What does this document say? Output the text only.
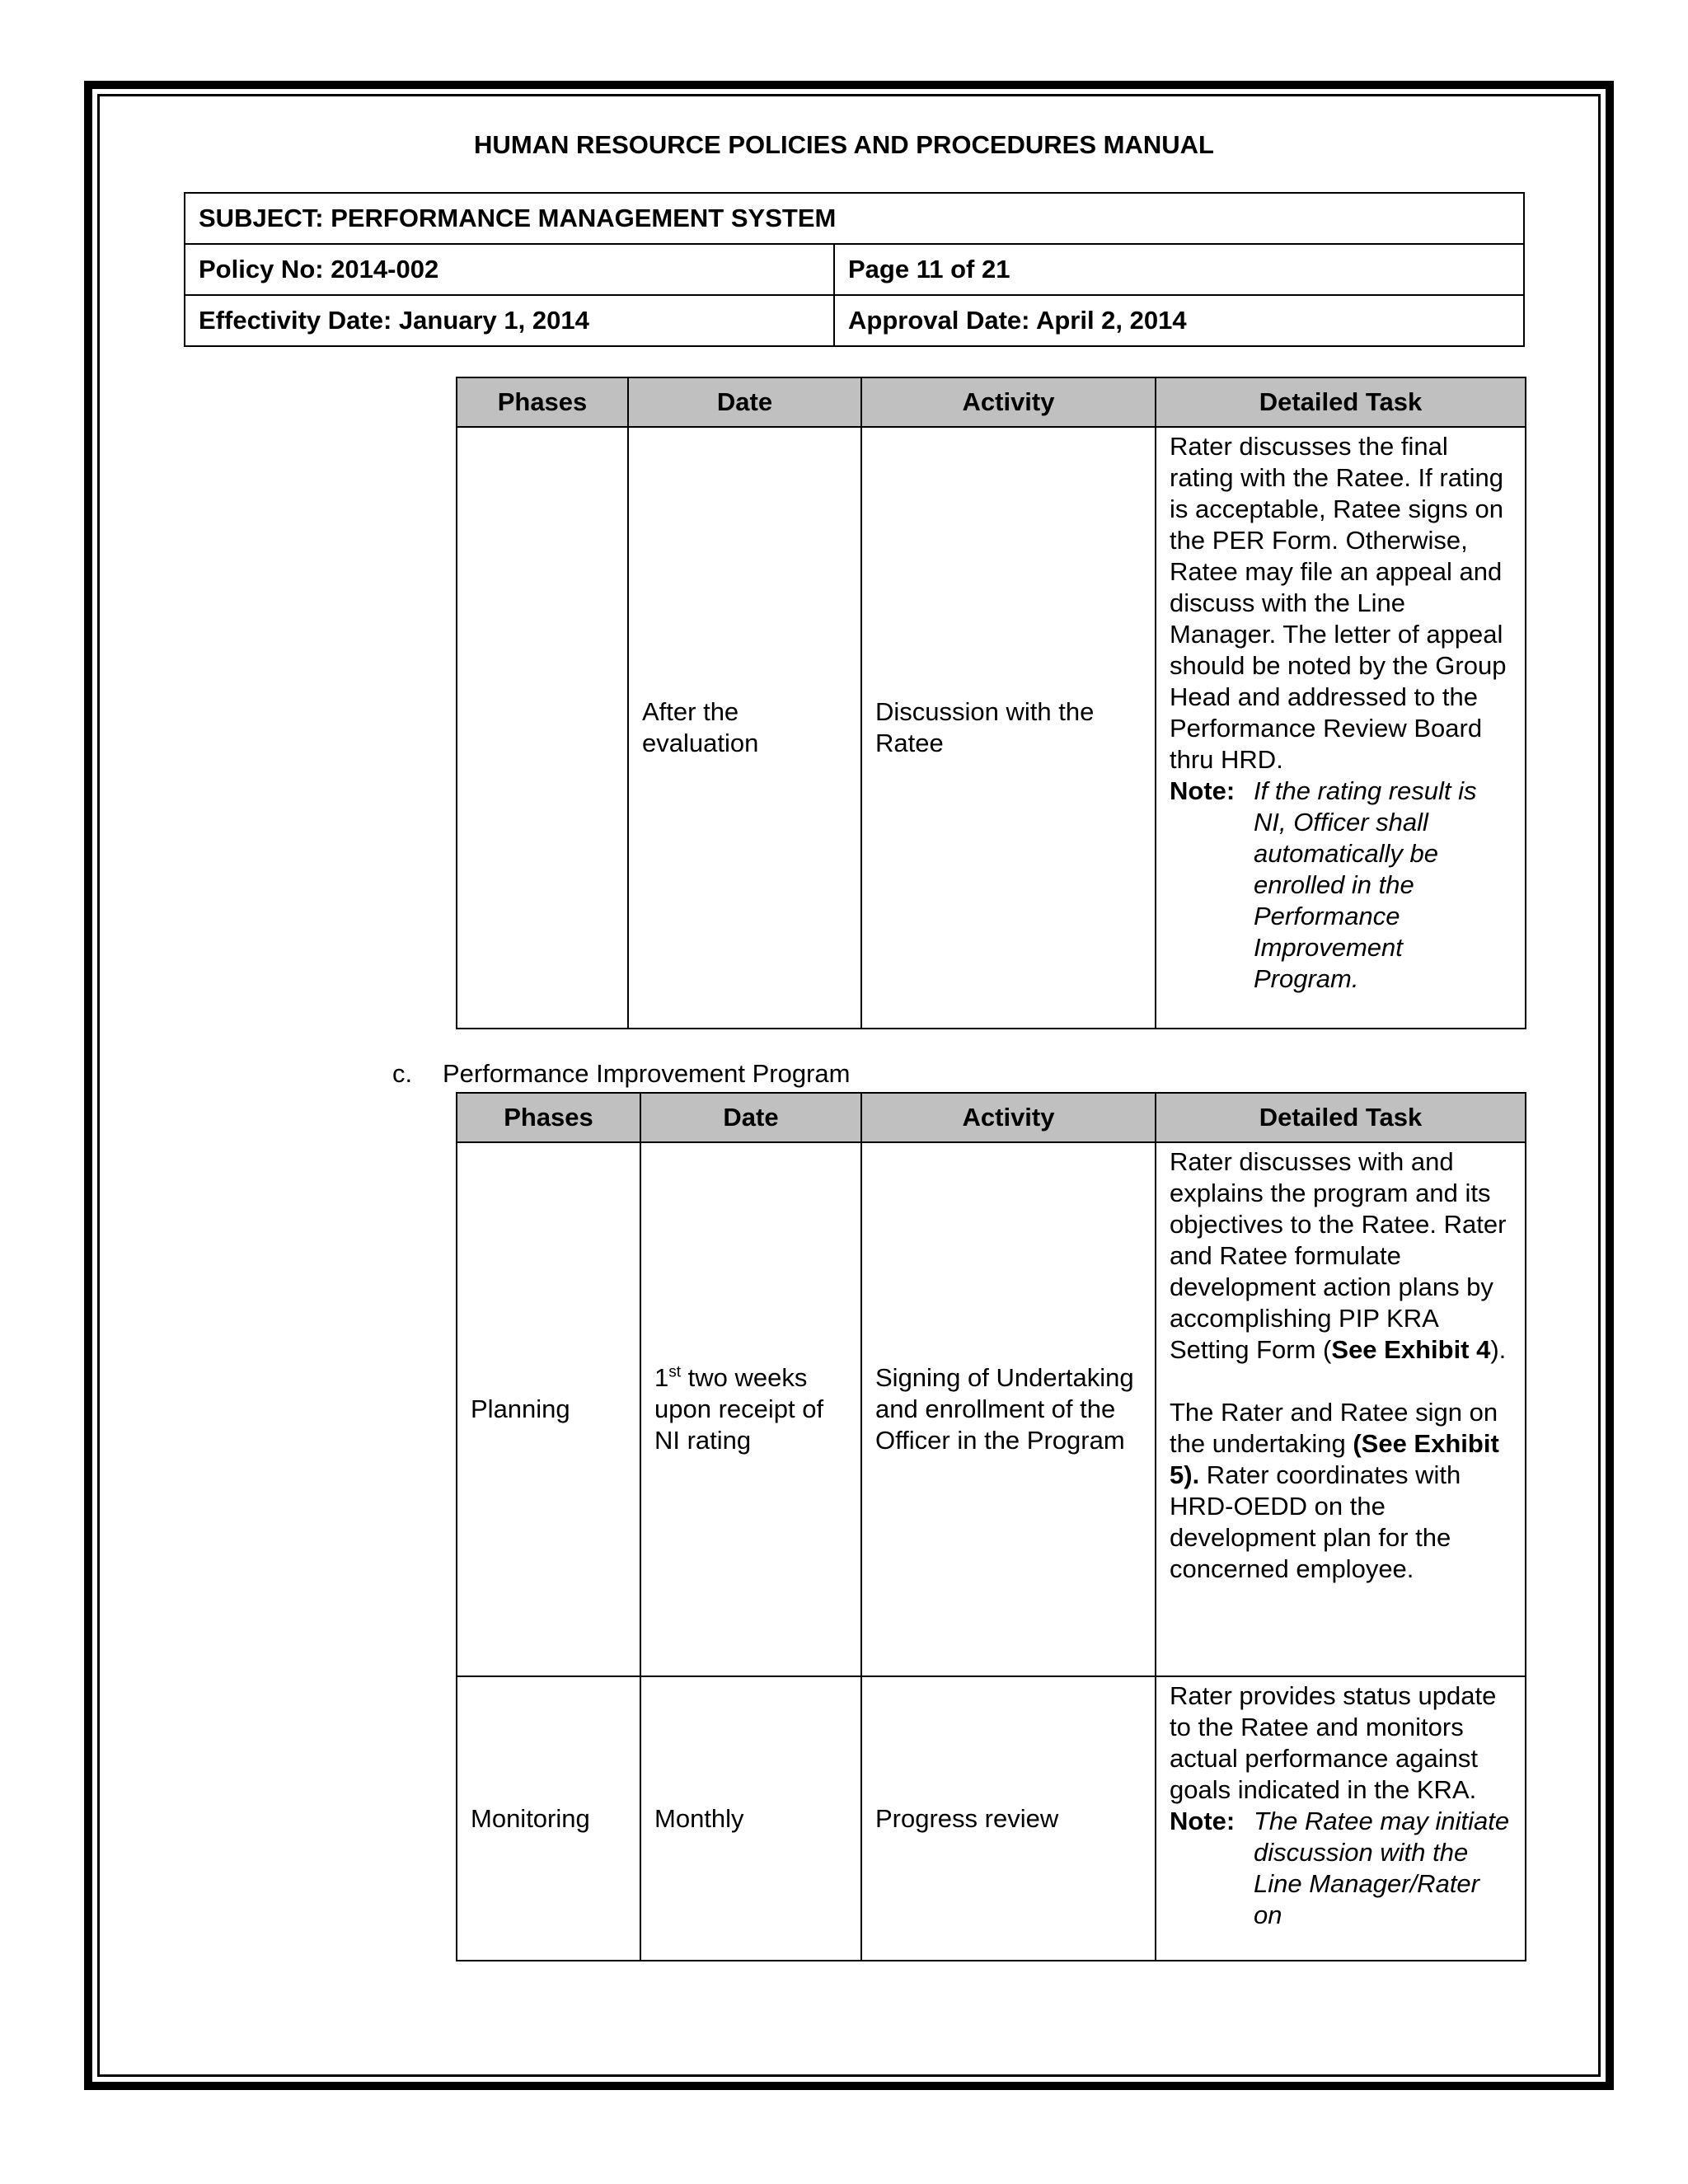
HUMAN RESOURCE POLICIES AND PROCEDURES MANUAL
SUBJECT: PERFORMANCE MANAGEMENT SYSTEM	
Policy No: 2014-002	Page 11 of 21
Effectivity Date: January 1, 2014	Approval Date: April 2, 2014
Phases	Date	Activity	Detailed Task
	After the evaluation	Discussion with the Ratee	Rater discusses the final rating with the Ratee. If rating is acceptable, Ratee signs on the PER Form. Otherwise, Ratee may file an appeal and discuss with the Line Manager. The letter of appeal should be noted by the Group Head and addressed to the Performance Review Board thru HRD.
Note: If the rating result is NI, Officer shall automatically be enrolled in the Performance Improvement Program.
c. Performance Improvement Program
Phases	Date	Activity	Detailed Task
Planning	1st two weeks upon receipt of NI rating	Signing of Undertaking and enrollment of the Officer in the Program	Rater discusses with and explains the program and its objectives to the Ratee. Rater and Ratee formulate development action plans by accomplishing PIP KRA Setting Form (See Exhibit 4).
The Rater and Ratee sign on the undertaking (See Exhibit 5). Rater coordinates with HRD-OEDD on the development plan for the concerned employee.

Monitoring	Monthly	Progress review	Rater provides status update to the Ratee and monitors actual performance against goals indicated in the KRA.
Note: The Ratee may initiate discussion with the Line Manager/Rater on
